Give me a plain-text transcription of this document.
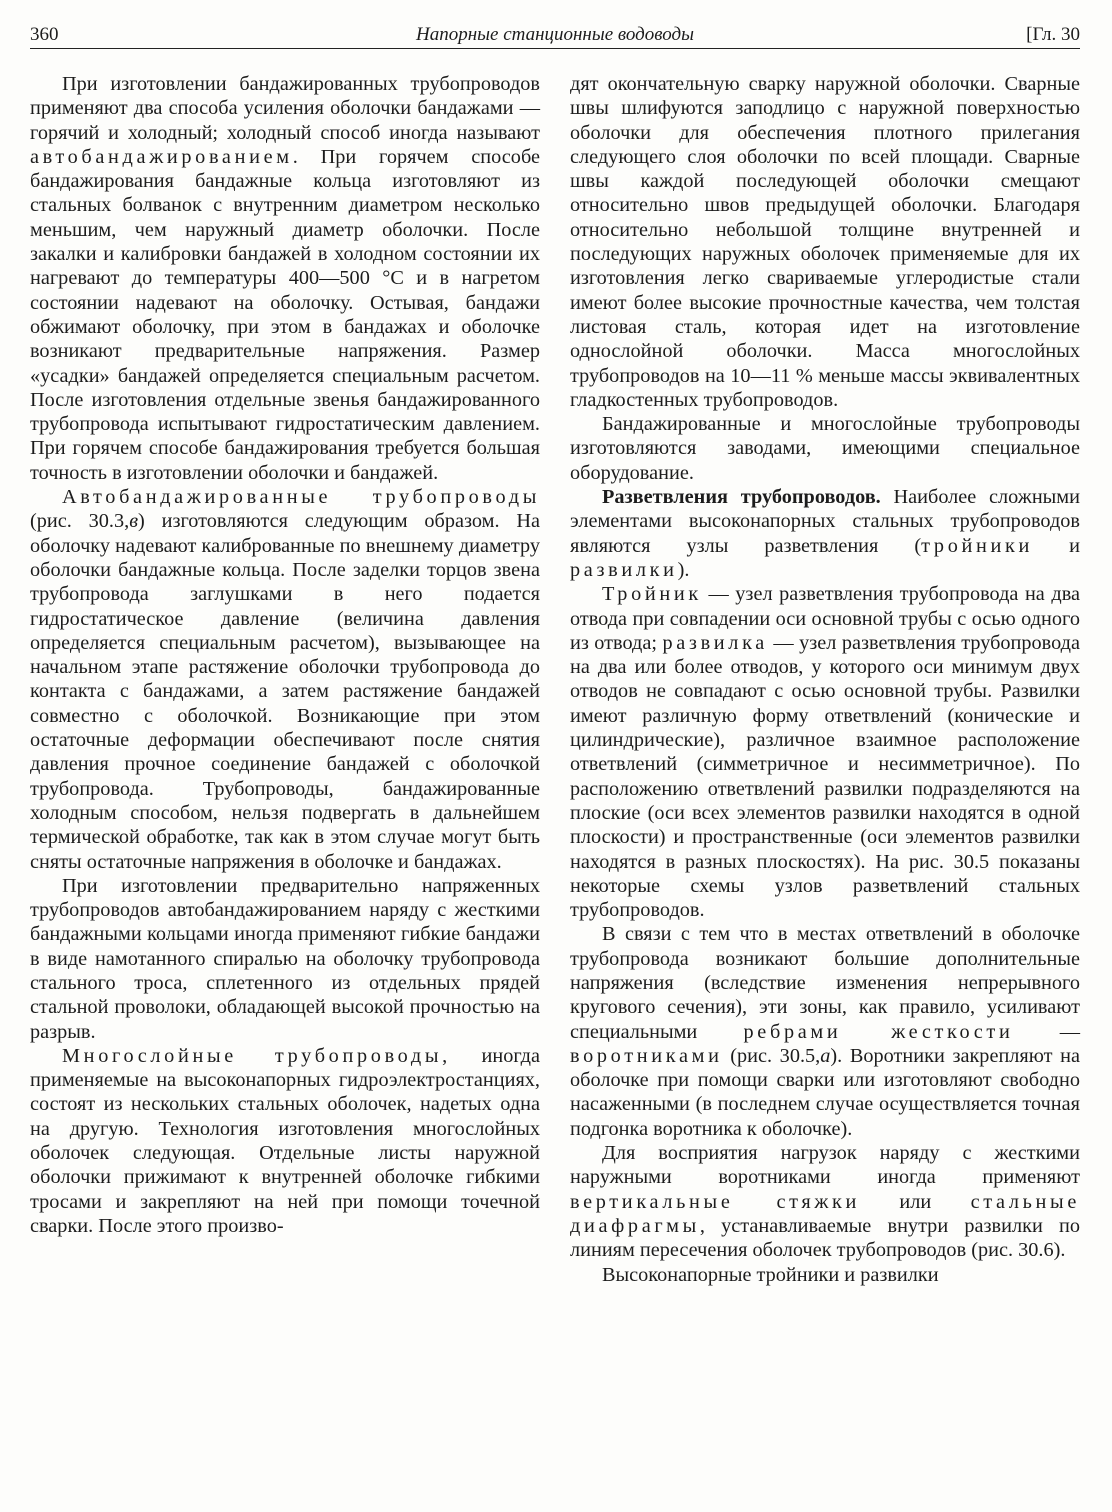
360	Напорные станционные водоводы	[Гл. 30

При изготовлении бандажированных трубопроводов применяют два способа усиления оболочки бандажами — горячий и холодный; холодный способ иногда называют автобандажированием. При горячем способе бандажирования бандажные кольца изготовляют из стальных болванок с внутренним диаметром несколько меньшим, чем наружный диаметр оболочки. После закалки и калибровки бандажей в холодном состоянии их нагревают до температуры 400—500 °С и в нагретом состоянии надевают на оболочку. Остывая, бандажи обжимают оболочку, при этом в бандажах и оболочке возникают предварительные напряжения. Размер «усадки» бандажей определяется специальным расчетом. После изготовления отдельные звенья бандажированного трубопровода испытывают гидростатическим давлением. При горячем способе бандажирования требуется большая точность в изготовлении оболочки и бандажей.

Автобандажированные трубопроводы (рис. 30.3,в) изготовляются следующим образом. На оболочку надевают калиброванные по внешнему диаметру оболочки бандажные кольца. После заделки торцов звена трубопровода заглушками в него подается гидростатическое давление (величина давления определяется специальным расчетом), вызывающее на начальном этапе растяжение оболочки трубопровода до контакта с бандажами, а затем растяжение бандажей совместно с оболочкой. Возникающие при этом остаточные деформации обеспечивают после снятия давления прочное соединение бандажей с оболочкой трубопровода. Трубопроводы, бандажированные холодным способом, нельзя подвергать в дальнейшем термической обработке, так как в этом случае могут быть сняты остаточные напряжения в оболочке и бандажах.

При изготовлении предварительно напряженных трубопроводов автобандажированием наряду с жесткими бандажными кольцами иногда применяют гибкие бандажи в виде намотанного спиралью на оболочку трубопровода стального троса, сплетенного из отдельных прядей стальной проволоки, обладающей высокой прочностью на разрыв.

Многослойные трубопроводы, иногда применяемые на высоконапорных гидроэлектростанциях, состоят из нескольких стальных оболочек, надетых одна на другую. Технология изготовления многослойных оболочек следующая. Отдельные листы наружной оболочки прижимают к внутренней оболочке гибкими тросами и закрепляют на ней при помощи точечной сварки. После этого произво-

дят окончательную сварку наружной оболочки. Сварные швы шлифуются заподлицо с наружной поверхностью оболочки для обеспечения плотного прилегания следующего слоя оболочки по всей площади. Сварные швы каждой последующей оболочки смещают относительно швов предыдущей оболочки. Благодаря относительно небольшой толщине внутренней и последующих наружных оболочек применяемые для их изготовления легко свариваемые углеродистые стали имеют более высокие прочностные качества, чем толстая листовая сталь, которая идет на изготовление однослойной оболочки. Масса многослойных трубопроводов на 10—11 % меньше массы эквивалентных гладкостенных трубопроводов.

Бандажированные и многослойные трубопроводы изготовляются заводами, имеющими специальное оборудование.

Разветвления трубопроводов. Наиболее сложными элементами высоконапорных стальных трубопроводов являются узлы разветвления (тройники и развилки).

Тройник — узел разветвления трубопровода на два отвода при совпадении оси основной трубы с осью одного из отвода; развилка — узел разветвления трубопровода на два или более отводов, у которого оси минимум двух отводов не совпадают с осью основной трубы. Развилки имеют различную форму ответвлений (конические и цилиндрические), различное взаимное расположение ответвлений (симметричное и несимметричное). По расположению ответвлений развилки подразделяются на плоские (оси всех элементов развилки находятся в одной плоскости) и пространственные (оси элементов развилки находятся в разных плоскостях). На рис. 30.5 показаны некоторые схемы узлов разветвлений стальных трубопроводов.

В связи с тем что в местах ответвлений в оболочке трубопровода возникают большие дополнительные напряжения (вследствие изменения непрерывного кругового сечения), эти зоны, как правило, усиливают специальными ребрами жесткости — воротниками (рис. 30.5,а). Воротники закрепляют на оболочке при помощи сварки или изготовляют свободно насаженными (в последнем случае осуществляется точная подгонка воротника к оболочке).

Для восприятия нагрузок наряду с жесткими наружными воротниками иногда применяют вертикальные стяжки или стальные диафрагмы, устанавливаемые внутри развилки по линиям пересечения оболочек трубопроводов (рис. 30.6).

Высоконапорные тройники и развилки
